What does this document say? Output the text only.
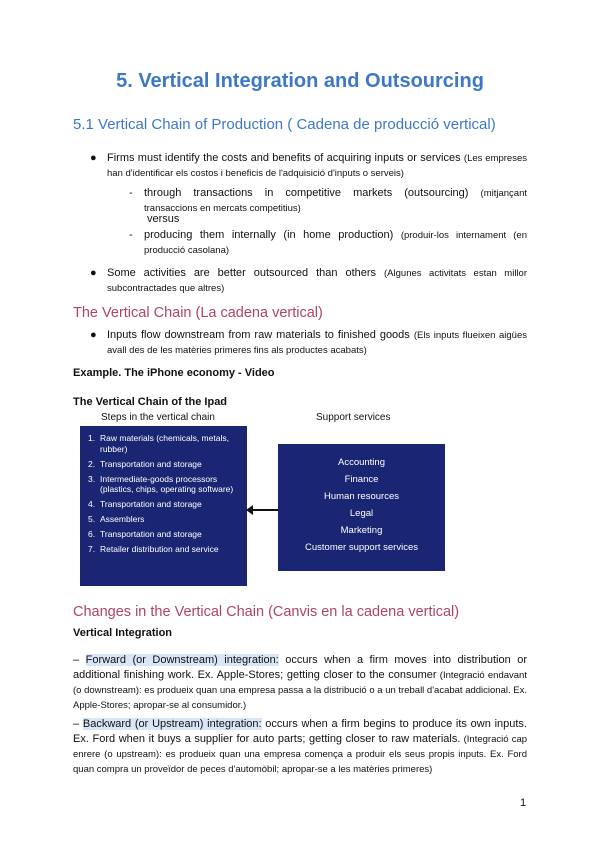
5. Vertical Integration and Outsourcing
5.1 Vertical Chain of Production ( Cadena de producció vertical)
● Firms must identify the costs and benefits of acquiring inputs or services (Les empreses han d'identificar els costos i beneficis de l'adquisició d'inputs o serveis)
- through transactions in competitive markets (outsourcing) (mitjançant transaccions en mercats competitius)
versus
- producing them internally (in home production) (produir-los internament (en producció casolana)
● Some activities are better outsourced than others (Algunes activitats estan millor subcontractades que altres)
The Vertical Chain (La cadena vertical)
● Inputs flow downstream from raw materials to finished goods (Els inputs flueixen aigües avall des de les matèries primeres fins als productes acabats)
Example. The iPhone economy - Video
The Vertical Chain of the Ipad
Steps in the vertical chain	Support services
1. Raw materials (chemicals, metals, rubber)
2. Transportation and storage
3. Intermediate-goods processors (plastics, chips, operating software)
4. Transportation and storage
5. Assemblers
6. Transportation and storage
7. Retailer distribution and service
Accounting
Finance
Human resources
Legal
Marketing
Customer support services
Changes in the Vertical Chain (Canvis en la cadena vertical)
Vertical Integration
– Forward (or Downstream) integration: occurs when a firm moves into distribution or additional finishing work. Ex. Apple-Stores; getting closer to the consumer (Integració endavant (o downstream): es produeix quan una empresa passa a la distribució o a un treball d'acabat addicional. Ex. Apple-Stores; apropar-se al consumidor.)
– Backward (or Upstream) integration: occurs when a firm begins to produce its own inputs. Ex. Ford when it buys a supplier for auto parts; getting closer to raw materials. (Integració cap enrere (o upstream): es produeix quan una empresa comença a produir els seus propis inputs. Ex. Ford quan compra un proveïdor de peces d'automòbil; apropar-se a les matèries primeres)
1
